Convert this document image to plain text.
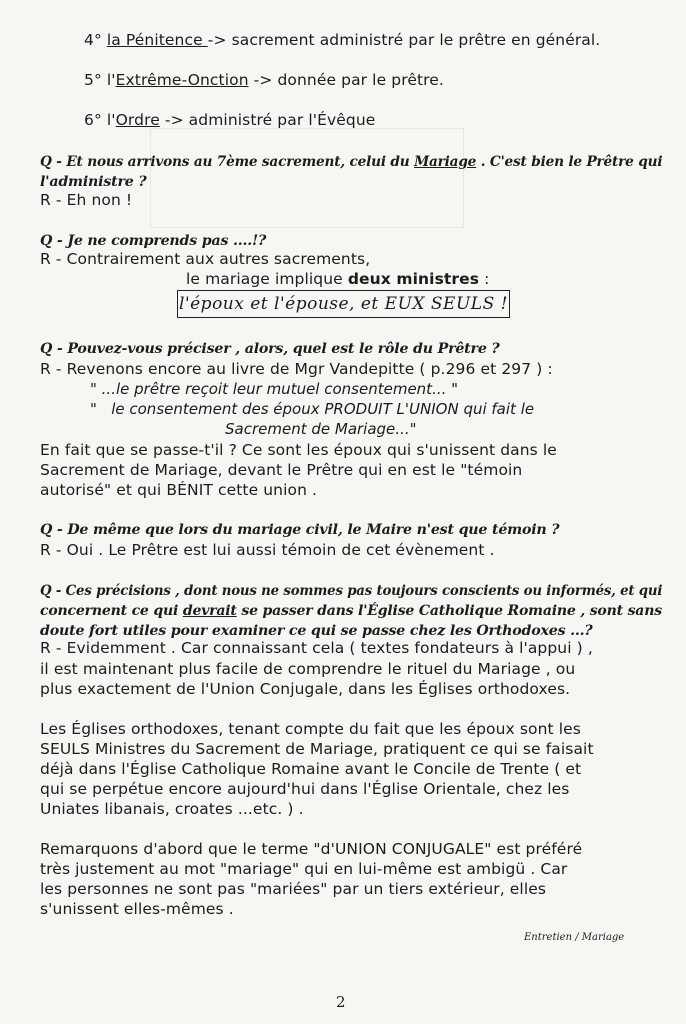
4° la Pénitence -> sacrement administré par le prêtre en général.
5° l'Extrême-Onction -> donnée par le prêtre.
6° l'Ordre -> administré par l'Évêque
Q - Et nous arrivons au 7ème sacrement, celui du Mariage . C'est bien le Prêtre qui
l'administre ?
R - Eh non !
Q - Je ne comprends pas ....!?
R - Contrairement aux autres sacrements,
le mariage implique deux ministres :
l'époux et l'épouse, et EUX SEULS !
Q - Pouvez-vous préciser , alors, quel est le rôle du Prêtre ?
R - Revenons encore au livre de Mgr Vandepitte ( p.296 et 297 ) :
" ...le prêtre reçoit leur mutuel consentement... "
" le consentement des époux PRODUIT L'UNION qui fait le
Sacrement de Mariage..."
En fait que se passe-t'il ? Ce sont les époux qui s'unissent dans le
Sacrement de Mariage, devant le Prêtre qui en est le "témoin
autorisé" et qui BÉNIT cette union .
Q - De même que lors du mariage civil, le Maire n'est que témoin ?
R - Oui . Le Prêtre est lui aussi témoin de cet évènement .
Q - Ces précisions , dont nous ne sommes pas toujours conscients ou informés, et qui
concernent ce qui devrait se passer dans l'Église Catholique Romaine , sont sans
doute fort utiles pour examiner ce qui se passe chez les Orthodoxes ...?
R - Evidemment . Car connaissant cela ( textes fondateurs à l'appui ) ,
il est maintenant plus facile de comprendre le rituel du Mariage , ou
plus exactement de l'Union Conjugale, dans les Églises orthodoxes.
Les Églises orthodoxes, tenant compte du fait que les époux sont les
SEULS Ministres du Sacrement de Mariage, pratiquent ce qui se faisait
déjà dans l'Église Catholique Romaine avant le Concile de Trente ( et
qui se perpétue encore aujourd'hui dans l'Église Orientale, chez les
Uniates libanais, croates ...etc. ) .
Remarquons d'abord que le terme "d'UNION CONJUGALE" est préféré
très justement au mot "mariage" qui en lui-même est ambigü . Car
les personnes ne sont pas "mariées" par un tiers extérieur, elles
s'unissent elles-mêmes .
Entretien / Mariage
2
